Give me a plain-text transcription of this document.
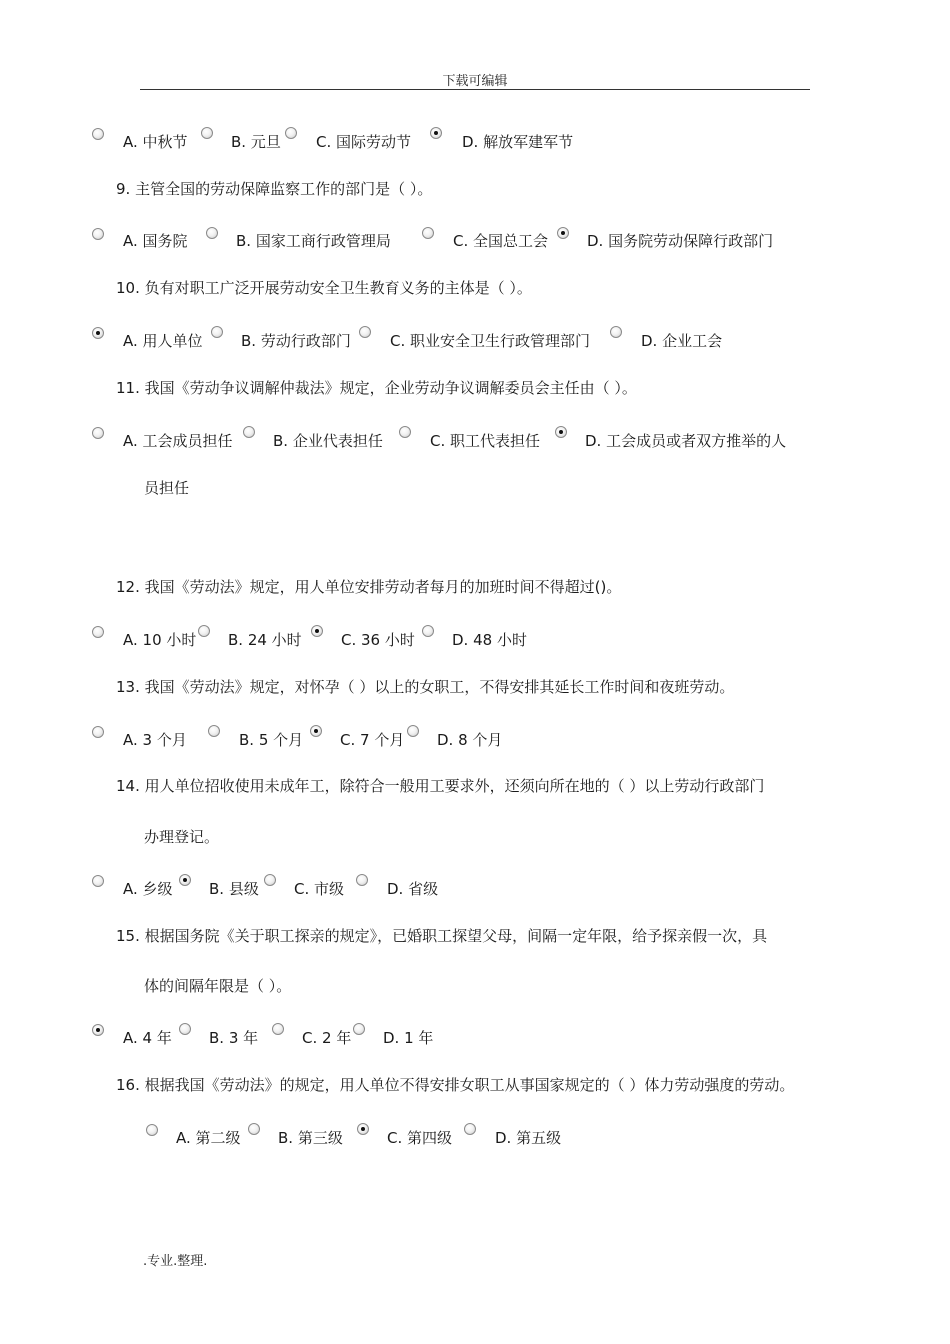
下载可编辑
A. 中秋节	B. 元旦 C. 国际劳动节	D. 解放军建军节
9. 主管全国的劳动保障监察工作的部门是（ ）。
A. 国务院	B. 国家工商行政管理局	C. 全国总工会	D. 国务院劳动保障行政部门
10. 负有对职工广泛开展劳动安全卫生教育义务的主体是（ ）。
A. 用人单位	B. 劳动行政部门	C. 职业安全卫生行政管理部门	D. 企业工会
11. 我国《劳动争议调解仲裁法》规定，企业劳动争议调解委员会主任由（ ）。
A. 工会成员担任	B. 企业代表担任	C. 职工代表担任	D. 工会成员或者双方推举的人
员担任
12. 我国《劳动法》规定，用人单位安排劳动者每月的加班时间不得超过()。
A. 10 小时 B. 24 小时	C. 36 小时 D. 48 小时
13. 我国《劳动法》规定，对怀孕（ ）以上的女职工，不得安排其延长工作时间和夜班劳动。
A. 3 个月	B. 5 个月 C. 7 个月 D. 8 个月
14. 用人单位招收使用未成年工，除符合一般用工要求外，还须向所在地的（ ）以上劳动行政部门
办理登记。
A. 乡级 B. 县级 C. 市级	D. 省级
15. 根据国务院《关于职工探亲的规定》，已婚职工探望父母，间隔一定年限，给予探亲假一次，具
体的间隔年限是（ ）。
A. 4 年 B. 3 年	C. 2 年 D. 1 年
16. 根据我国《劳动法》的规定，用人单位不得安排女职工从事国家规定的（ ）体力劳动强度的劳动。
A. 第二级 B. 第三级	C. 第四级	D. 第五级
.专业.整理.
